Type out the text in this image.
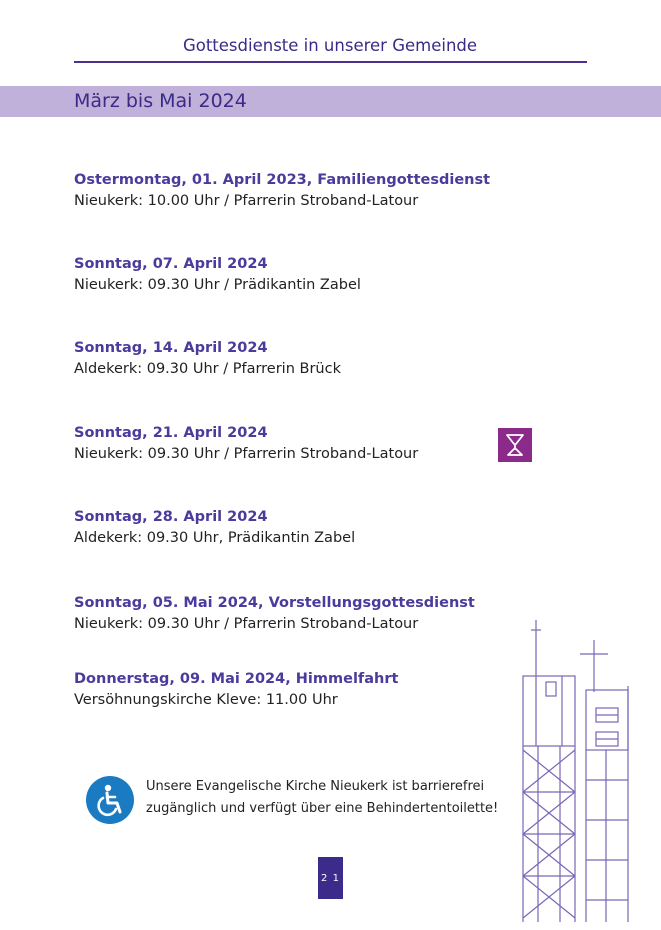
Gottesdienste in unserer Gemeinde
März bis Mai 2024
Ostermontag, 01. April 2023, Familiengottesdienst
Nieukerk: 10.00 Uhr / Pfarrerin Stroband-Latour
Sonntag, 07. April 2024
Nieukerk: 09.30 Uhr / Prädikantin Zabel
Sonntag, 14. April 2024
Aldekerk: 09.30 Uhr / Pfarrerin Brück
Sonntag, 21. April 2024
Nieukerk: 09.30 Uhr / Pfarrerin Stroband-Latour
Sonntag, 28. April 2024
Aldekerk: 09.30 Uhr, Prädikantin Zabel
Sonntag, 05. Mai 2024, Vorstellungsgottesdienst
Nieukerk: 09.30 Uhr / Pfarrerin Stroband-Latour
Donnerstag, 09. Mai 2024, Himmelfahrt
Versöhnungskirche Kleve: 11.00 Uhr
Unsere Evangelische Kirche Nieukerk ist barrierefrei
zugänglich und verfügt über eine Behindertentoilette!
2 1
